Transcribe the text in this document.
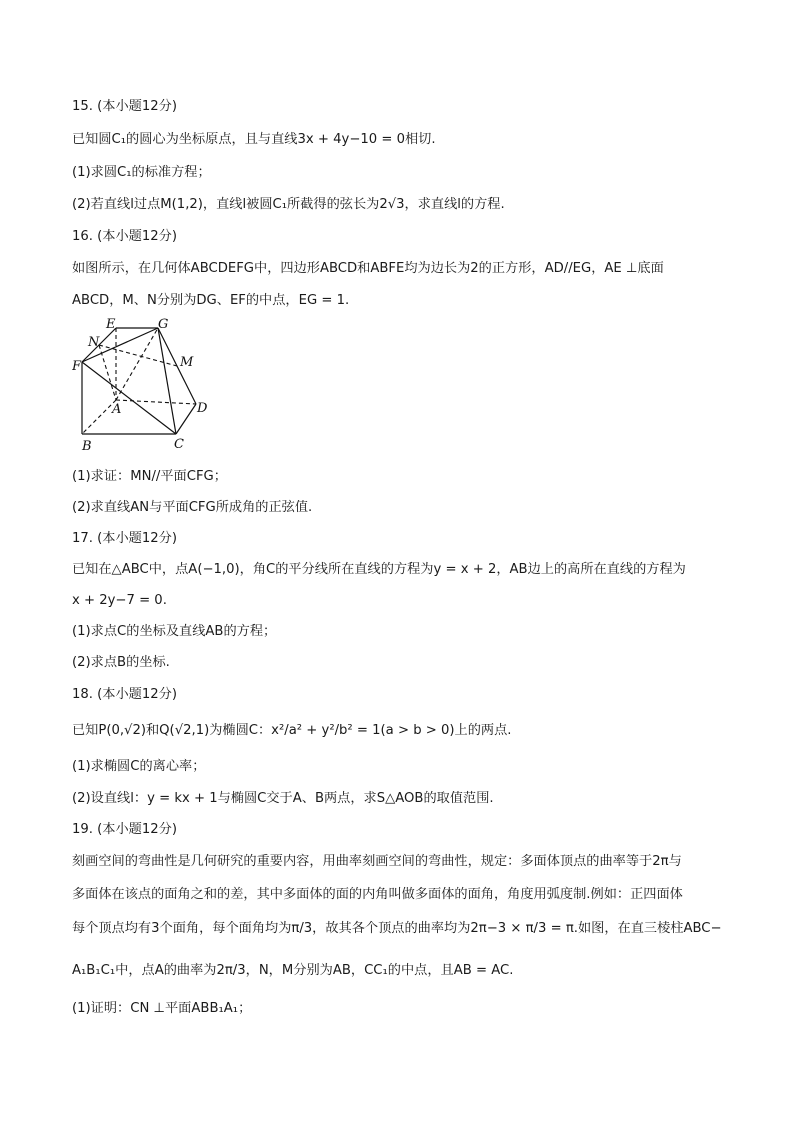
15. (本小题12分)
已知圆C₁的圆心为坐标原点，且与直线3x + 4y−10 = 0相切.
(1)求圆C₁的标准方程；
(2)若直线l过点M(1,2)，直线l被圆C₁所截得的弦长为2√3，求直线l的方程.
16. (本小题12分)
如图所示，在几何体ABCDEFG中，四边形ABCD和ABFE均为边长为2的正方形，AD//EG，AE ⊥底面
ABCD，M、N分别为DG、EF的中点，EG = 1.
(1)求证：MN//平面CFG；
(2)求直线AN与平面CFG所成角的正弦值.
17. (本小题12分)
已知在△ABC中，点A(−1,0)，角C的平分线所在直线的方程为y = x + 2，AB边上的高所在直线的方程为
x + 2y−7 = 0.
(1)求点C的坐标及直线AB的方程；
(2)求点B的坐标.
18. (本小题12分)
已知P(0,√2)和Q(√2,1)为椭圆C：x²/a² + y²/b² = 1(a > b > 0)上的两点.
(1)求椭圆C的离心率；
(2)设直线l：y = kx + 1与椭圆C交于A、B两点，求S△AOB的取值范围.
19. (本小题12分)
刻画空间的弯曲性是几何研究的重要内容，用曲率刻画空间的弯曲性，规定：多面体顶点的曲率等于2π与
多面体在该点的面角之和的差，其中多面体的面的内角叫做多面体的面角，角度用弧度制.例如：正四面体
每个顶点均有3个面角，每个面角均为π/3，故其各个顶点的曲率均为2π−3 × π/3 = π.如图，在直三棱柱ABC−
A₁B₁C₁中，点A的曲率为2π/3，N，M分别为AB，CC₁的中点，且AB = AC.
(1)证明：CN ⊥平面ABB₁A₁；
E	G
N
M
F
A	D
B	C
